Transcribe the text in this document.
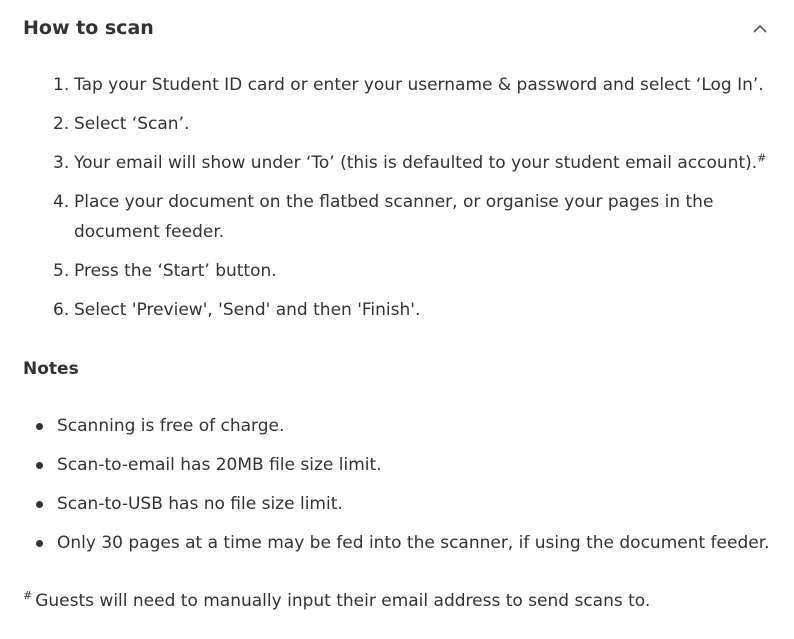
How to scan
1. Tap your Student ID card or enter your username & password and select ‘Log In’.
2. Select ‘Scan’.
3. Your email will show under ‘To’ (this is defaulted to your student email account).#
4. Place your document on the flatbed scanner, or organise your pages in the document feeder.
5. Press the ‘Start’ button.
6. Select 'Preview', 'Send' and then 'Finish'.
Notes
Scanning is free of charge.
Scan-to-email has 20MB file size limit.
Scan-to-USB has no file size limit.
Only 30 pages at a time may be fed into the scanner, if using the document feeder.
# Guests will need to manually input their email address to send scans to.
